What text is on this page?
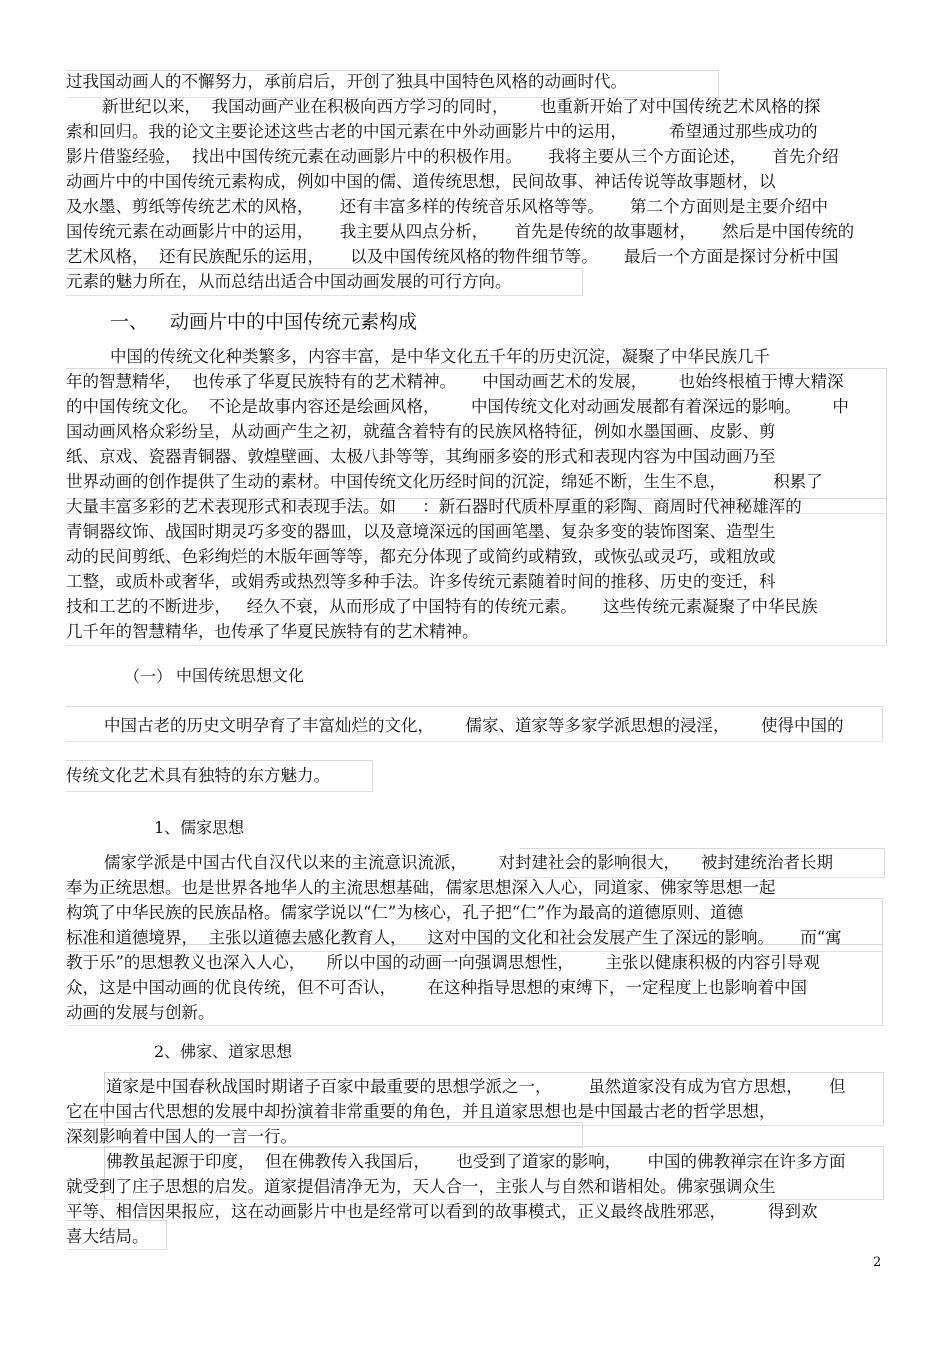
过我国动画人的不懈努力，承前启后，开创了独具中国特色风格的动画时代。
新世纪以来，  我国动画产业在积极向西方学习的同时，      也重新开始了对中国传统艺术风格的探
索和回归。我的论文主要论述这些古老的中国元素在中外动画影片中的运用，        希望通过那些成功的
影片借鉴经验，  找出中国传统元素在动画影片中的积极作用。     我将主要从三个方面论述，     首先介绍
动画片中的中国传统元素构成，例如中国的儒、道传统思想，民间故事、神话传说等故事题材，以
及水墨、剪纸等传统艺术的风格，     还有丰富多样的传统音乐风格等等。     第二个方面则是主要介绍中
国传统元素在动画影片中的运用，     我主要从四点分析，     首先是传统的故事题材，     然后是中国传统的
艺术风格，  还有民族配乐的运用，     以及中国传统风格的物件细节等。     最后一个方面是探讨分析中国
元素的魅力所在，从而总结出适合中国动画发展的可行方向。
一、 动画片中的中国传统元素构成
中国的传统文化种类繁多，内容丰富，是中华文化五千年的历史沉淀，凝聚了中华民族几千
年的智慧精华，  也传承了华夏民族特有的艺术精神。     中国动画艺术的发展，      也始终根植于博大精深
的中国传统文化。  不论是故事内容还是绘画风格，      中国传统文化对动画发展都有着深远的影响。      中
国动画风格众彩纷呈，从动画产生之初，就蕴含着特有的民族风格特征，例如水墨国画、皮影、剪
纸、京戏、瓷器青铜器、敦煌壁画、太极八卦等等，其绚丽多姿的形式和表现内容为中国动画乃至
世界动画的创作提供了生动的素材。中国传统文化历经时间的沉淀，绵延不断，生生不息，         积累了
大量丰富多彩的艺术表现形式和表现手法。如     ：新石器时代质朴厚重的彩陶、商周时代神秘雄浑的
青铜器纹饰、战国时期灵巧多变的器皿，以及意境深远的国画笔墨、复杂多变的装饰图案、造型生
动的民间剪纸、色彩绚烂的木版年画等等，都充分体现了或简约或精致，或恢弘或灵巧，或粗放或
工整，或质朴或奢华，或娟秀或热烈等多种手法。许多传统元素随着时间的推移、历史的变迁，科
技和工艺的不断进步，   经久不衰，从而形成了中国特有的传统元素。     这些传统元素凝聚了中华民族
几千年的智慧精华，也传承了华夏民族特有的艺术精神。
（一） 中国传统思想文化
中国古老的历史文明孕育了丰富灿烂的文化，      儒家、道家等多家学派思想的浸淫，      使得中国的
传统文化艺术具有独特的东方魅力。
1、儒家思想
儒家学派是中国古代自汉代以来的主流意识流派，      对封建社会的影响很大，    被封建统治者长期
奉为正统思想。也是世界各地华人的主流思想基础，儒家思想深入人心，同道家、佛家等思想一起
构筑了中华民族的民族品格。儒家学说以“仁”为核心，孔子把“仁”作为最高的道德原则、道德
标准和道德境界，  主张以道德去感化教育人，    这对中国的文化和社会发展产生了深远的影响。     而“寓
教于乐”的思想教义也深入人心，    所以中国的动画一向强调思想性，      主张以健康积极的内容引导观
众，这是中国动画的优良传统，但不可否认，      在这种指导思想的束缚下，一定程度上也影响着中国
动画的发展与创新。
2、佛家、道家思想
道家是中国春秋战国时期诸子百家中最重要的思想学派之一，       虽然道家没有成为官方思想，     但
它在中国古代思想的发展中却扮演着非常重要的角色，并且道家思想也是中国最古老的哲学思想，
深刻影响着中国人的一言一行。
佛教虽起源于印度，  但在佛教传入我国后，     也受到了道家的影响，     中国的佛教禅宗在许多方面
就受到了庄子思想的启发。道家提倡清净无为，天人合一，主张人与自然和谐相处。佛家强调众生
平等、相信因果报应，这在动画影片中也是经常可以看到的故事模式，正义最终战胜邪恶，        得到欢
喜大结局。
2
